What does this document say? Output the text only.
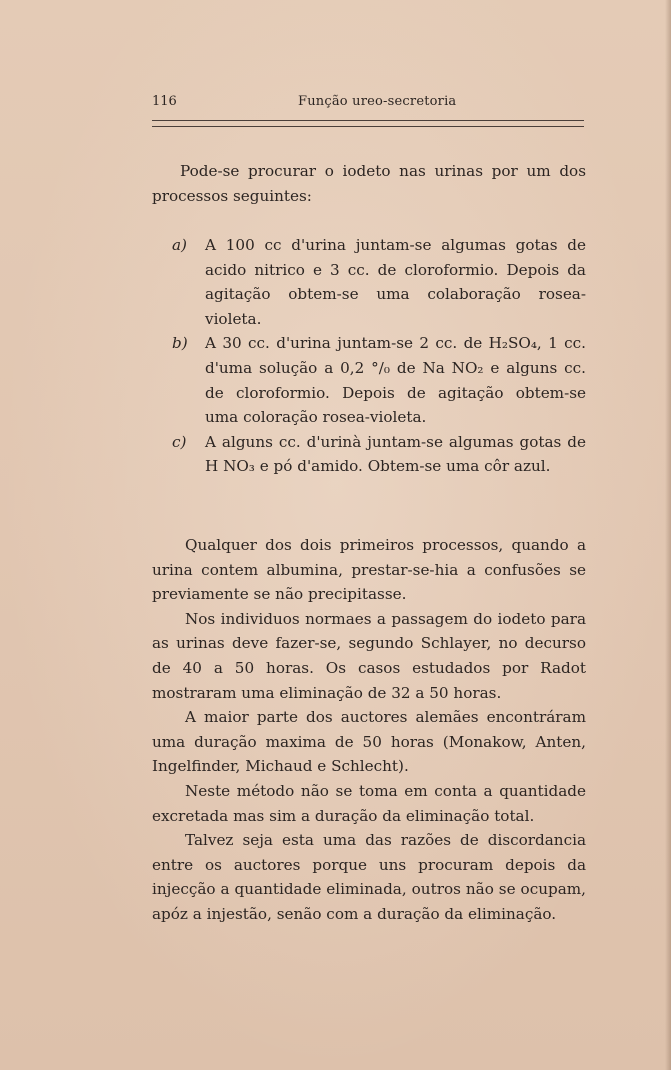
116	Função ureo-secretoria

Pode-se procurar o iodeto nas urinas por um dos processos seguintes:

a) A 100 cc d'urina juntam-se algumas gotas de acido nitrico e 3 cc. de cloroformio. Depois da agitação obtem-se uma colaboração rosea-violeta.

b) A 30 cc. d'urina juntam-se 2 cc. de H₂SO₄, 1 cc. d'uma solução a 0,2 °/₀ de Na NO₂ e alguns cc. de cloroformio. Depois de agitação obtem-se uma coloração rosea-violeta.

c) A alguns cc. d'urinà juntam-se algumas gotas de H NO₃ e pó d'amido. Obtem-se uma côr azul.

Qualquer dos dois primeiros processos, quando a urina contem albumina, prestar-se-hia a confusões se previamente se não precipitasse.

Nos individuos normaes a passagem do iodeto para as urinas deve fazer-se, segundo Schlayer, no decurso de 40 a 50 horas. Os casos estudados por Radot mostraram uma eliminação de 32 a 50 horas.

A maior parte dos auctores alemães encontráram uma duração maxima de 50 horas (Monakow, Anten, Ingelfinder, Michaud e Schlecht).

Neste método não se toma em conta a quantidade excretada mas sim a duração da eliminação total.

Talvez seja esta uma das razões de discordancia entre os auctores porque uns procuram depois da injecção a quantidade eliminada, outros não se ocupam, apóz a injestão, senão com a duração da eliminação.
